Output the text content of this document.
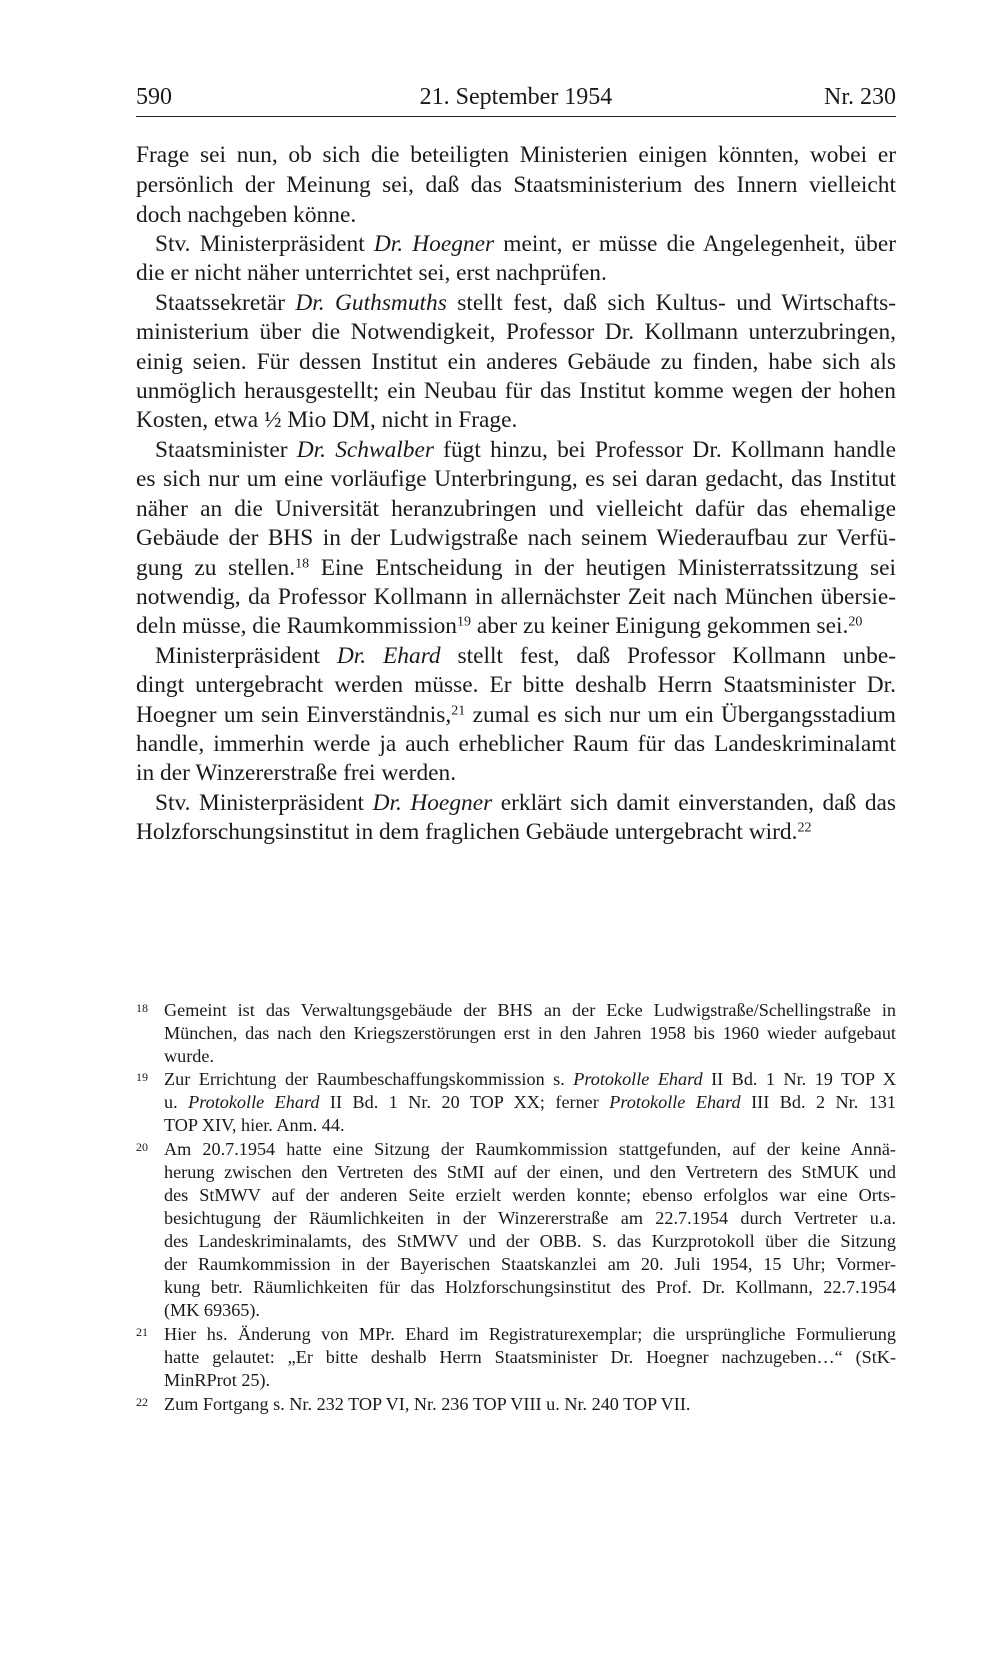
590	21. September 1954	Nr. 230
Frage sei nun, ob sich die beteiligten Ministerien einigen könnten, wobei er
persönlich der Meinung sei, daß das Staatsministerium des Innern vielleicht
doch nachgeben könne.
Stv. Ministerpräsident Dr. Hoegner meint, er müsse die Angelegenheit, über
die er nicht näher unterrichtet sei, erst nachprüfen.
Staatssekretär Dr. Guthsmuths stellt fest, daß sich Kultus- und Wirtschafts-
ministerium über die Notwendigkeit, Professor Dr. Kollmann unterzubringen,
einig seien. Für dessen Institut ein anderes Gebäude zu finden, habe sich als
unmöglich herausgestellt; ein Neubau für das Institut komme wegen der hohen
Kosten, etwa ½ Mio DM, nicht in Frage.
Staatsminister Dr. Schwalber fügt hinzu, bei Professor Dr. Kollmann handle
es sich nur um eine vorläufige Unterbringung, es sei daran gedacht, das Institut
näher an die Universität heranzubringen und vielleicht dafür das ehemalige
Gebäude der BHS in der Ludwigstraße nach seinem Wiederaufbau zur Verfü-
gung zu stellen.$^{18}$ Eine Entscheidung in der heutigen Ministerratssitzung sei
notwendig, da Professor Kollmann in allernächster Zeit nach München übersie-
deln müsse, die Raumkommission$^{19}$ aber zu keiner Einigung gekommen sei.$^{20}$
Ministerpräsident Dr. Ehard stellt fest, daß Professor Kollmann unbe-
dingt untergebracht werden müsse. Er bitte deshalb Herrn Staatsminister Dr.
Hoegner um sein Einverständnis,$^{21}$ zumal es sich nur um ein Übergangsstadium
handle, immerhin werde ja auch erheblicher Raum für das Landeskriminalamt
in der Winzererstraße frei werden.
Stv. Ministerpräsident Dr. Hoegner erklärt sich damit einverstanden, daß das
Holzforschungsinstitut in dem fraglichen Gebäude untergebracht wird.$^{22}$
18 Gemeint ist das Verwaltungsgebäude der BHS an der Ecke Ludwigstraße/Schellingstraße in
München, das nach den Kriegszerstörungen erst in den Jahren 1958 bis 1960 wieder aufgebaut
wurde.
19 Zur Errichtung der Raumbeschaffungskommission s. Protokolle Ehard II Bd. 1 Nr. 19 TOP X
u. Protokolle Ehard II Bd. 1 Nr. 20 TOP XX; ferner Protokolle Ehard III Bd. 2 Nr. 131
TOP XIV, hier. Anm. 44.
20 Am 20.7.1954 hatte eine Sitzung der Raumkommission stattgefunden, auf der keine Annä-
herung zwischen den Vertreten des StMI auf der einen, und den Vertretern des StMUK und
des StMWV auf der anderen Seite erzielt werden konnte; ebenso erfolglos war eine Orts-
besichtugung der Räumlichkeiten in der Winzererstraße am 22.7.1954 durch Vertreter u.a.
des Landeskriminalamts, des StMWV und der OBB. S. das Kurzprotokoll über die Sitzung
der Raumkommission in der Bayerischen Staatskanzlei am 20. Juli 1954, 15 Uhr; Vormer-
kung betr. Räumlichkeiten für das Holzforschungsinstitut des Prof. Dr. Kollmann, 22.7.1954
(MK 69365).
21 Hier hs. Änderung von MPr. Ehard im Registraturexemplar; die ursprüngliche Formulierung
hatte gelautet: „Er bitte deshalb Herrn Staatsminister Dr. Hoegner nachzugeben…“ (StK-
MinRProt 25).
22 Zum Fortgang s. Nr. 232 TOP VI, Nr. 236 TOP VIII u. Nr. 240 TOP VII.
